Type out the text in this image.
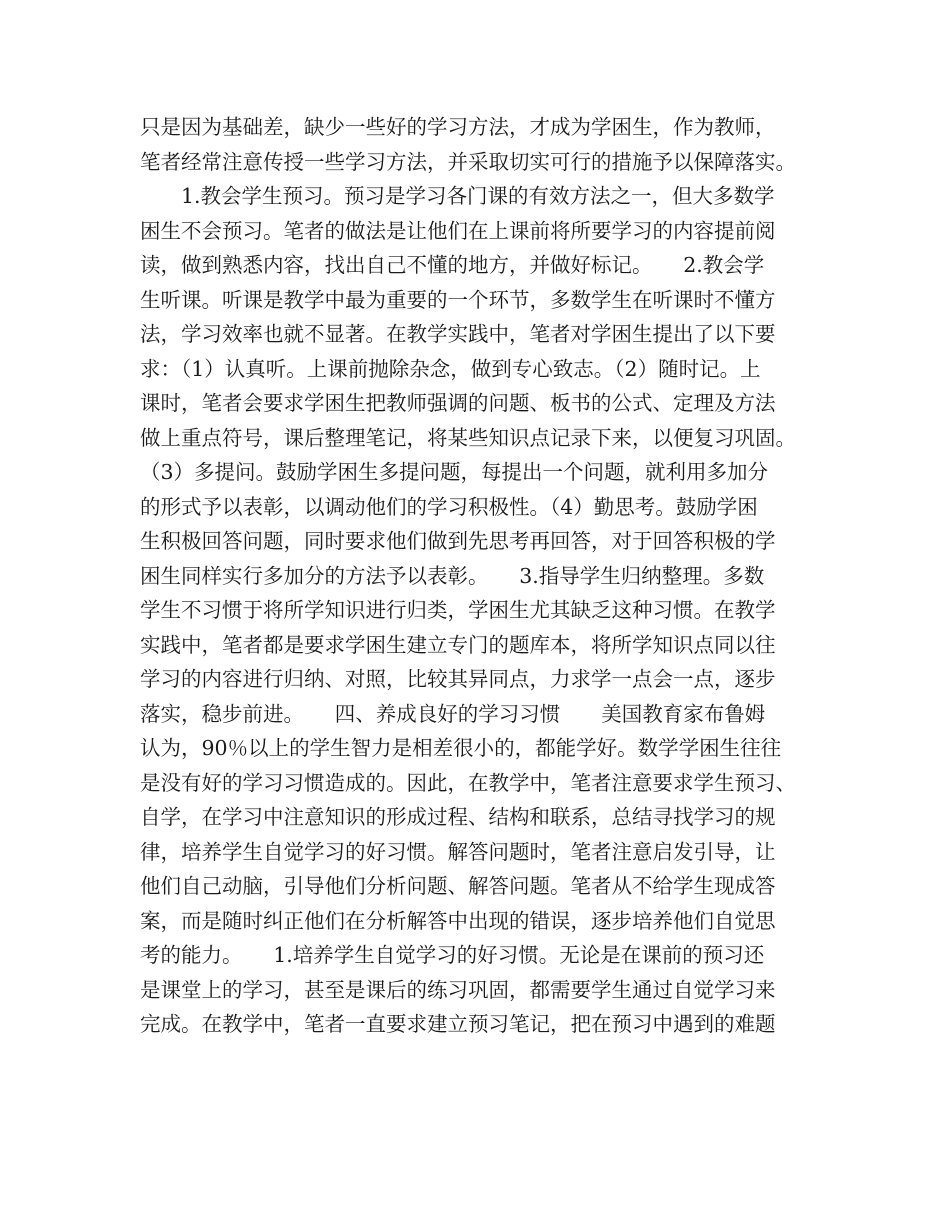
只是因为基础差，缺少一些好的学习方法，才成为学困生，作为教师，
笔者经常注意传授一些学习方法，并采取切实可行的措施予以保障落实。
　　1.教会学生预习。预习是学习各门课的有效方法之一，但大多数学
困生不会预习。笔者的做法是让他们在上课前将所要学习的内容提前阅
读，做到熟悉内容，找出自己不懂的地方，并做好标记。　　2.教会学
生听课。听课是教学中最为重要的一个环节，多数学生在听课时不懂方
法，学习效率也就不显著。在教学实践中，笔者对学困生提出了以下要
求：（1）认真听。上课前抛除杂念，做到专心致志。（2）随时记。上
课时，笔者会要求学困生把教师强调的问题、板书的公式、定理及方法
做上重点符号，课后整理笔记，将某些知识点记录下来，以便复习巩固。
（3）多提问。鼓励学困生多提问题，每提出一个问题，就利用多加分
的形式予以表彰，以调动他们的学习积极性。（4）勤思考。鼓励学困
生积极回答问题，同时要求他们做到先思考再回答，对于回答积极的学
困生同样实行多加分的方法予以表彰。　　3.指导学生归纳整理。多数
学生不习惯于将所学知识进行归类，学困生尤其缺乏这种习惯。在教学
实践中，笔者都是要求学困生建立专门的题库本，将所学知识点同以往
学习的内容进行归纳、对照，比较其异同点，力求学一点会一点，逐步
落实，稳步前进。　　四、养成良好的学习习惯　　美国教育家布鲁姆
认为，90％以上的学生智力是相差很小的，都能学好。数学学困生往往
是没有好的学习习惯造成的。因此，在教学中，笔者注意要求学生预习、
自学，在学习中注意知识的形成过程、结构和联系，总结寻找学习的规
律，培养学生自觉学习的好习惯。解答问题时，笔者注意启发引导，让
他们自己动脑，引导他们分析问题、解答问题。笔者从不给学生现成答
案，而是随时纠正他们在分析解答中出现的错误，逐步培养他们自觉思
考的能力。　　1.培养学生自觉学习的好习惯。无论是在课前的预习还
是课堂上的学习，甚至是课后的练习巩固，都需要学生通过自觉学习来
完成。在教学中，笔者一直要求建立预习笔记，把在预习中遇到的难题
